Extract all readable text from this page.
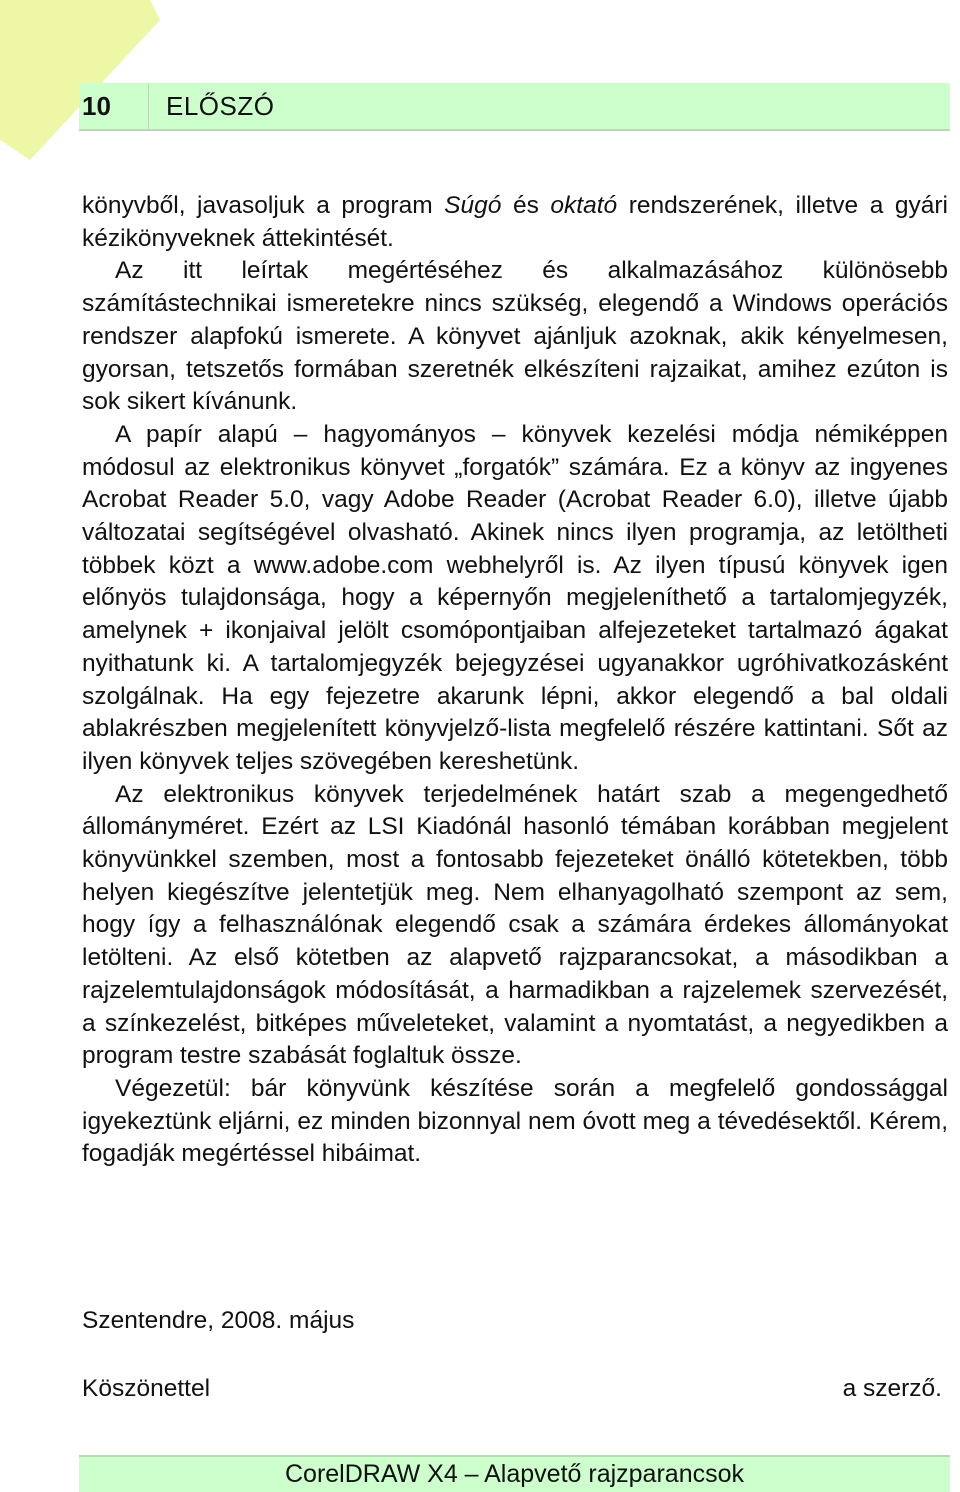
10 ELŐSZÓ

könyvből, javasoljuk a program Súgó és oktató rendszerének, illetve a gyári kézikönyveknek áttekintését.

Az itt leírtak megértéséhez és alkalmazásához különösebb számítástechnikai ismeretekre nincs szükség, elegendő a Windows operációs rendszer alapfokú ismerete. A könyvet ajánljuk azoknak, akik kényelmesen, gyorsan, tetszetős formában szeretnék elkészíteni rajzaikat, amihez ezúton is sok sikert kívánunk.

A papír alapú – hagyományos – könyvek kezelési módja némiképpen módosul az elektronikus könyvet „forgatók” számára. Ez a könyv az ingyenes Acrobat Reader 5.0, vagy Adobe Reader (Acrobat Reader 6.0), illetve újabb változatai segítségével olvasható. Akinek nincs ilyen programja, az letöltheti többek közt a www.adobe.com webhelyről is. Az ilyen típusú könyvek igen előnyös tulajdonsága, hogy a képernyőn megjeleníthető a tartalomjegyzék, amelynek + ikonjaival jelölt csomópontjaiban alfejezeteket tartalmazó ágakat nyithatunk ki. A tartalomjegyzék bejegyzései ugyanakkor ugróhivatkozásként szolgálnak. Ha egy fejezetre akarunk lépni, akkor elegendő a bal oldali ablakrészben megjelenített könyvjelző-lista megfelelő részére kattintani. Sőt az ilyen könyvek teljes szövegében kereshetünk.

Az elektronikus könyvek terjedelmének határt szab a megengedhető állományméret. Ezért az LSI Kiadónál hasonló témában korábban megjelent könyvünkkel szemben, most a fontosabb fejezeteket önálló kötetekben, több helyen kiegészítve jelentetjük meg. Nem elhanyagolható szempont az sem, hogy így a felhasználónak elegendő csak a számára érdekes állományokat letölteni. Az első kötetben az alapvető rajzparancsokat, a másodikban a rajzelemtulajdonságok módosítását, a harmadikban a rajzelemek szervezését, a színkezelést, bitképes műveleteket, valamint a nyomtatást, a negyedikben a program testre szabását foglaltuk össze.

Végezetül: bár könyvünk készítése során a megfelelő gondossággal igyekeztünk eljárni, ez minden bizonnyal nem óvott meg a tévedésektől. Kérem, fogadják megértéssel hibáimat.

Szentendre, 2008. május
Köszönettel	a szerző.
CorelDRAW X4 – Alapvető rajzparancsok
